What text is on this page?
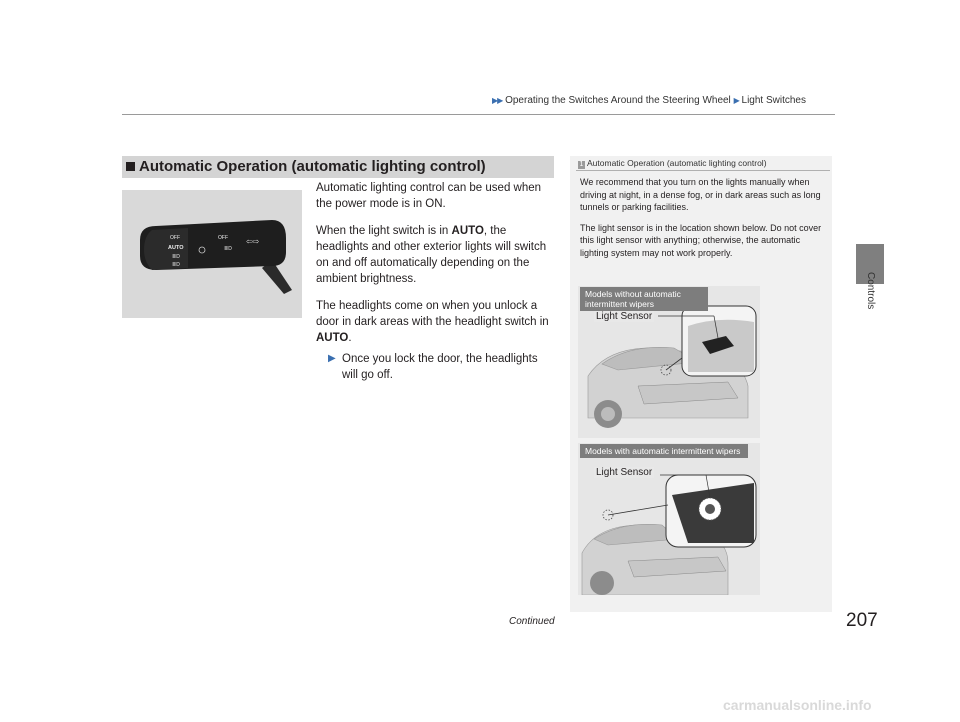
▶▶ Operating the Switches Around the Steering Wheel ▶ Light Switches
Controls
Automatic Operation (automatic lighting control)
OFF
AUTO
≣D
≣D
OFF
≣D
⇦⇨

Automatic lighting control can be used when the power mode is in ON.

When the light switch is in AUTO, the headlights and other exterior lights will switch on and off automatically depending on the ambient brightness.

The headlights come on when you unlock a door in dark areas with the headlight switch in AUTO.

▶ Once you lock the door, the headlights will go off.

1 Automatic Operation (automatic lighting control)

We recommend that you turn on the lights manually when driving at night, in a dense fog, or in dark areas such as long tunnels or parking facilities.

The light sensor is in the location shown below. Do not cover this light sensor with anything; otherwise, the automatic lighting system may not work properly.

Models without automatic intermittent wipers
Light Sensor
Models with automatic intermittent wipers
Light Sensor
Continued	207
carmanualsonline.info
